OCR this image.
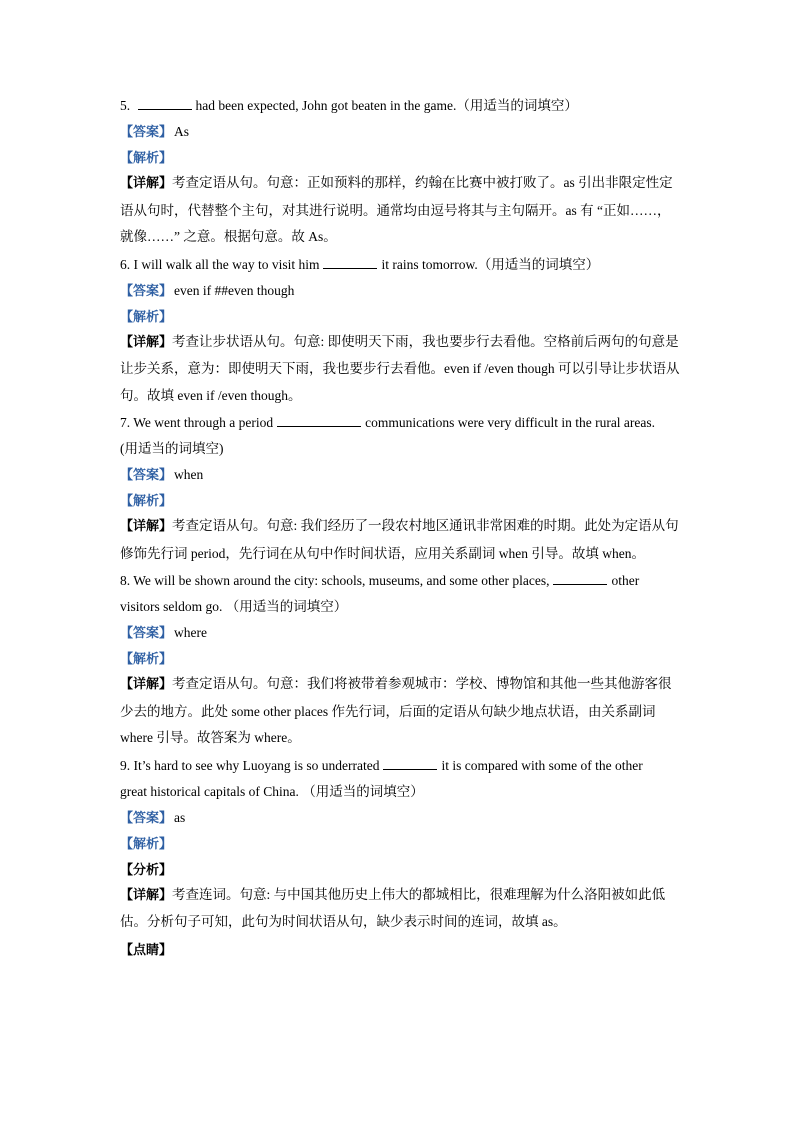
5.	had been expected, John got beaten in the game.（用适当的词填空）
【答案】 As
【解析】

【详解】考查定语从句。句意：正如预料的那样，约翰在比赛中被打败了。as 引出非限定性定语从句时，代替整个主句，对其进行说明。通常均由逗号将其与主句隔开。as 有 “正如……， 就像……” 之意。根据句意。故 As。

6. I will walk all the way to visit him	it rains tomorrow.（用适当的词填空）
【答案】 even if ##even though
【解析】

【详解】考查让步状语从句。句意: 即使明天下雨，我也要步行去看他。空格前后两句的句意是让步关系，意为：即使明天下雨，我也要步行去看他。even if /even though 可以引导让步状语从句。故填 even if /even though。

7. We went through a period	communications were very difficult in the rural areas.
(用适当的词填空)
【答案】 when
【解析】

【详解】考查定语从句。句意: 我们经历了一段农村地区通讯非常困难的时期。此处为定语从句修饰先行词 period，先行词在从句中作时间状语，应用关系副词 when 引导。故填 when。

8. We will be shown around the city: schools, museums, and some other places,	other
visitors seldom go. （用适当的词填空）
【答案】 where
【解析】

【详解】考查定语从句。句意：我们将被带着参观城市：学校、博物馆和其他一些其他游客很少去的地方。此处 some other places 作先行词，后面的定语从句缺少地点状语，由关系副词 where 引导。故答案为 where。

9. It’s hard to see why Luoyang is so underrated	it is compared with some of the other
great historical capitals of China. （用适当的词填空）
【答案】 as
【解析】
【分析】

【详解】考查连词。句意: 与中国其他历史上伟大的都城相比，很难理解为什么洛阳被如此低估。分析句子可知，此句为时间状语从句，缺少表示时间的连词，故填 as。

【点睛】
